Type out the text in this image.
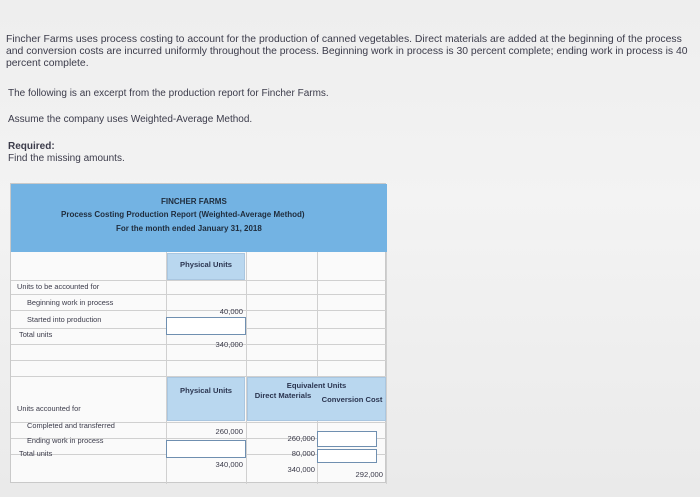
Fincher Farms uses process costing to account for the production of canned vegetables. Direct materials are added at the beginning of the process and conversion costs are incurred uniformly throughout the process. Beginning work in process is 30 percent complete; ending work in process is 40 percent complete.
The following is an excerpt from the production report for Fincher Farms.
Assume the company uses Weighted-Average Method.
Required:
Find the missing amounts.
FINCHER FARMS
Process Costing Production Report (Weighted-Average Method)
For the month ended January 31, 2018
Physical Units
Units to be accounted for
Beginning work in process
40,000
Started into production
Total units
340,000
Physical Units
Equivalent Units
Direct Materials	Conversion Cost
Units accounted for
Completed and transferred
260,000
260,000
Ending work in process
80,000
Total units
340,000
340,000
292,000
